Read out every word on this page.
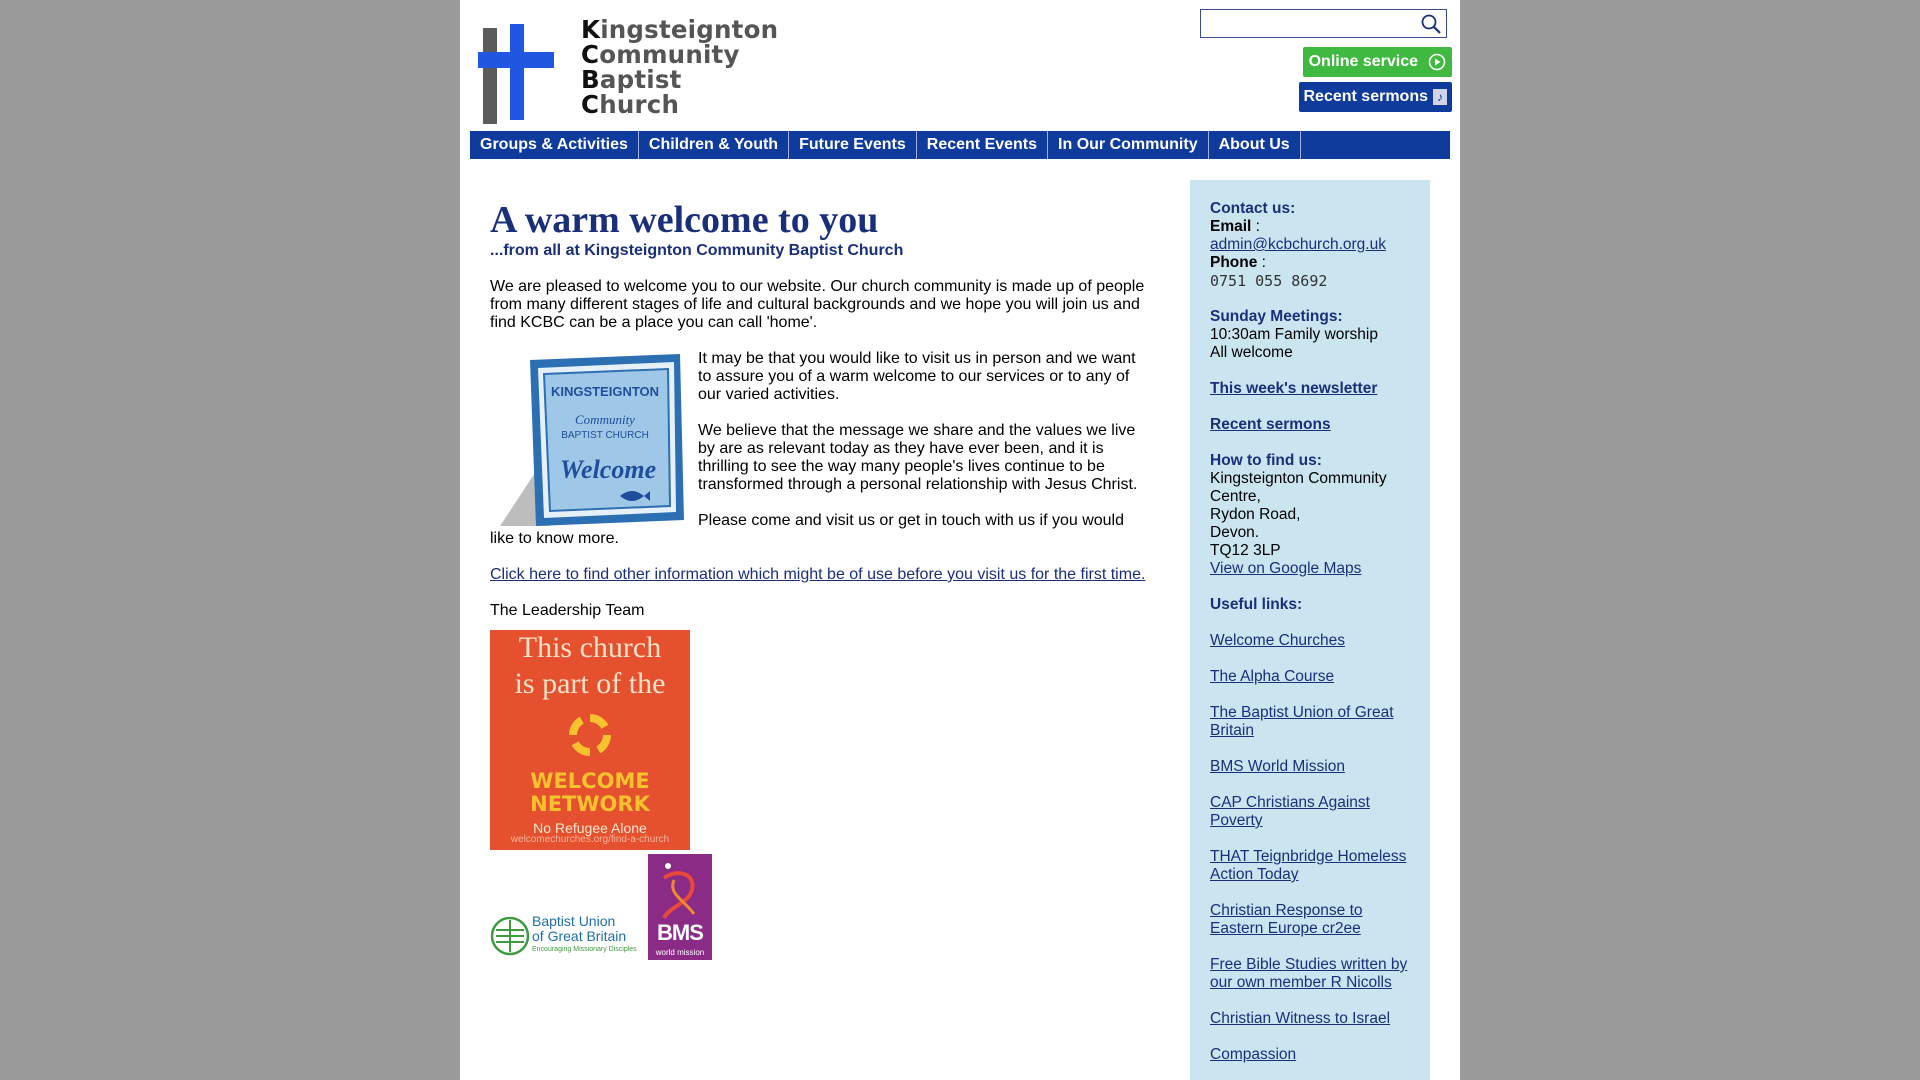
Kingsteignton
Community
Baptist
Church
Online service
Recent sermons ♪
Groups & Activities	Children & Youth	Future Events	Recent Events	In Our Community	About Us
A warm welcome to you
...from all at Kingsteignton Community Baptist Church

We are pleased to welcome you to our website. Our church community is made up of people from many different stages of life and cultural backgrounds and we hope you will join us and find KCBC can be a place you can call 'home'.

KINGSTEIGNTON
Community
BAPTIST CHURCH
Welcome

It may be that you would like to visit us in person and we want to assure you of a warm welcome to our services or to any of our varied activities.

We believe that the message we share and the values we live by are as relevant today as they have ever been, and it is thrilling to see the way many people's lives continue to be transformed through a personal relationship with Jesus Christ.

Please come and visit us or get in touch with us if you would like to know more.

Click here to find other information which might be of use before you visit us for the first time.

The Leadership Team

This church
is part of the
WELCOME
NETWORK
No Refugee Alone
welcomechurches.org/find-a-church
Baptist Union
of Great Britain
Encouraging Missionary Disciples
BMS
world mission
Contact us:
Email :
admin@kcbchurch.org.uk
Phone :
0751 055 8692
Sunday Meetings:
10:30am Family worship
All welcome
This week's newsletter
Recent sermons
How to find us:
Kingsteignton Community Centre,
Rydon Road,
Devon.
TQ12 3LP
View on Google Maps
Useful links:
Welcome Churches
The Alpha Course
The Baptist Union of Great Britain
BMS World Mission
CAP Christians Against Poverty
THAT Teignbridge Homeless Action Today
Christian Response to Eastern Europe cr2ee
Free Bible Studies written by our own member R Nicolls
Christian Witness to Israel
Compassion
